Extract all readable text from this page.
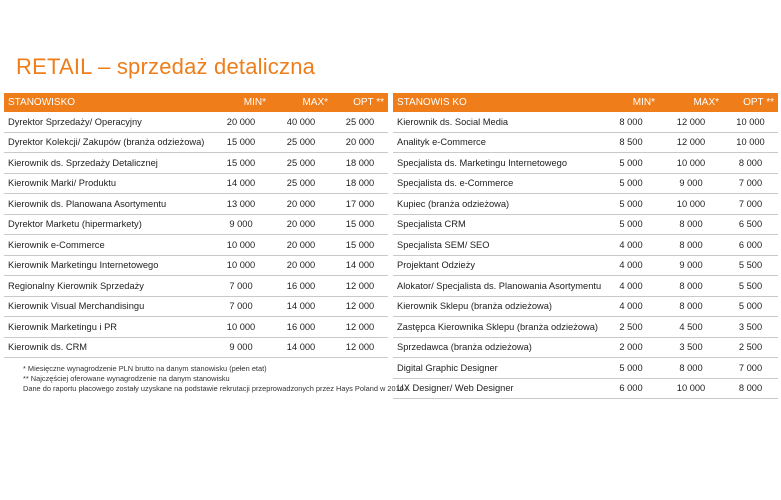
RETAIL – sprzedaż detaliczna
STANOWISKO	MIN*	MAX*	OPT **
Dyrektor Sprzedaży/ Operacyjny	20 000	40 000	25 000
Dyrektor Kolekcji/ Zakupów (branża odzieżowa)	15 000	25 000	20 000
Kierownik ds. Sprzedaży Detalicznej	15 000	25 000	18 000
Kierownik Marki/ Produktu	14 000	25 000	18 000
Kierownik ds. Planowana Asortymentu	13 000	20 000	17 000
Dyrektor Marketu (hipermarkety)	9 000	20 000	15 000
Kierownik e-Commerce	10 000	20 000	15 000
Kierownik Marketingu Internetowego	10 000	20 000	14 000
Regionalny Kierownik Sprzedaży	7 000	16 000	12 000
Kierownik Visual Merchandisingu	7 000	14 000	12 000
Kierownik Marketingu i PR	10 000	16 000	12 000
Kierownik ds. CRM	9 000	14 000	12 000
STANOWIS KO	MIN*	MAX*	OPT **
Kierownik ds. Social Media	8 000	12 000	10 000
Analityk e-Commerce	8 500	12 000	10 000
Specjalista ds. Marketingu Internetowego	5 000	10 000	8 000
Specjalista ds. e-Commerce	5 000	9 000	7 000
Kupiec (branża odzieżowa)	5 000	10 000	7 000
Specjalista CRM	5 000	8 000	6 500
Specjalista SEM/ SEO	4 000	8 000	6 000
Projektant Odzieży	4 000	9 000	5 500
Alokator/ Specjalista ds. Planowania Asortymentu	4 000	8 000	5 500
Kierownik Sklepu (branża odzieżowa)	4 000	8 000	5 000
Zastępca Kierownika Sklepu (branża odzieżowa)	2 500	4 500	3 500
Sprzedawca (branża odzieżowa)	2 000	3 500	2 500
Digital Graphic Designer	5 000	8 000	7 000
UX Designer/ Web Designer	6 000	10 000	8 000
* Miesięczne wynagrodzenie PLN brutto na danym stanowisku (pełen etat)
** Najczęściej oferowane wynagrodzenie na danym stanowisku
Dane do raportu płacowego zostały uzyskane na podstawie rekrutacji przeprowadzonych przez Hays Poland w 2016 r.
